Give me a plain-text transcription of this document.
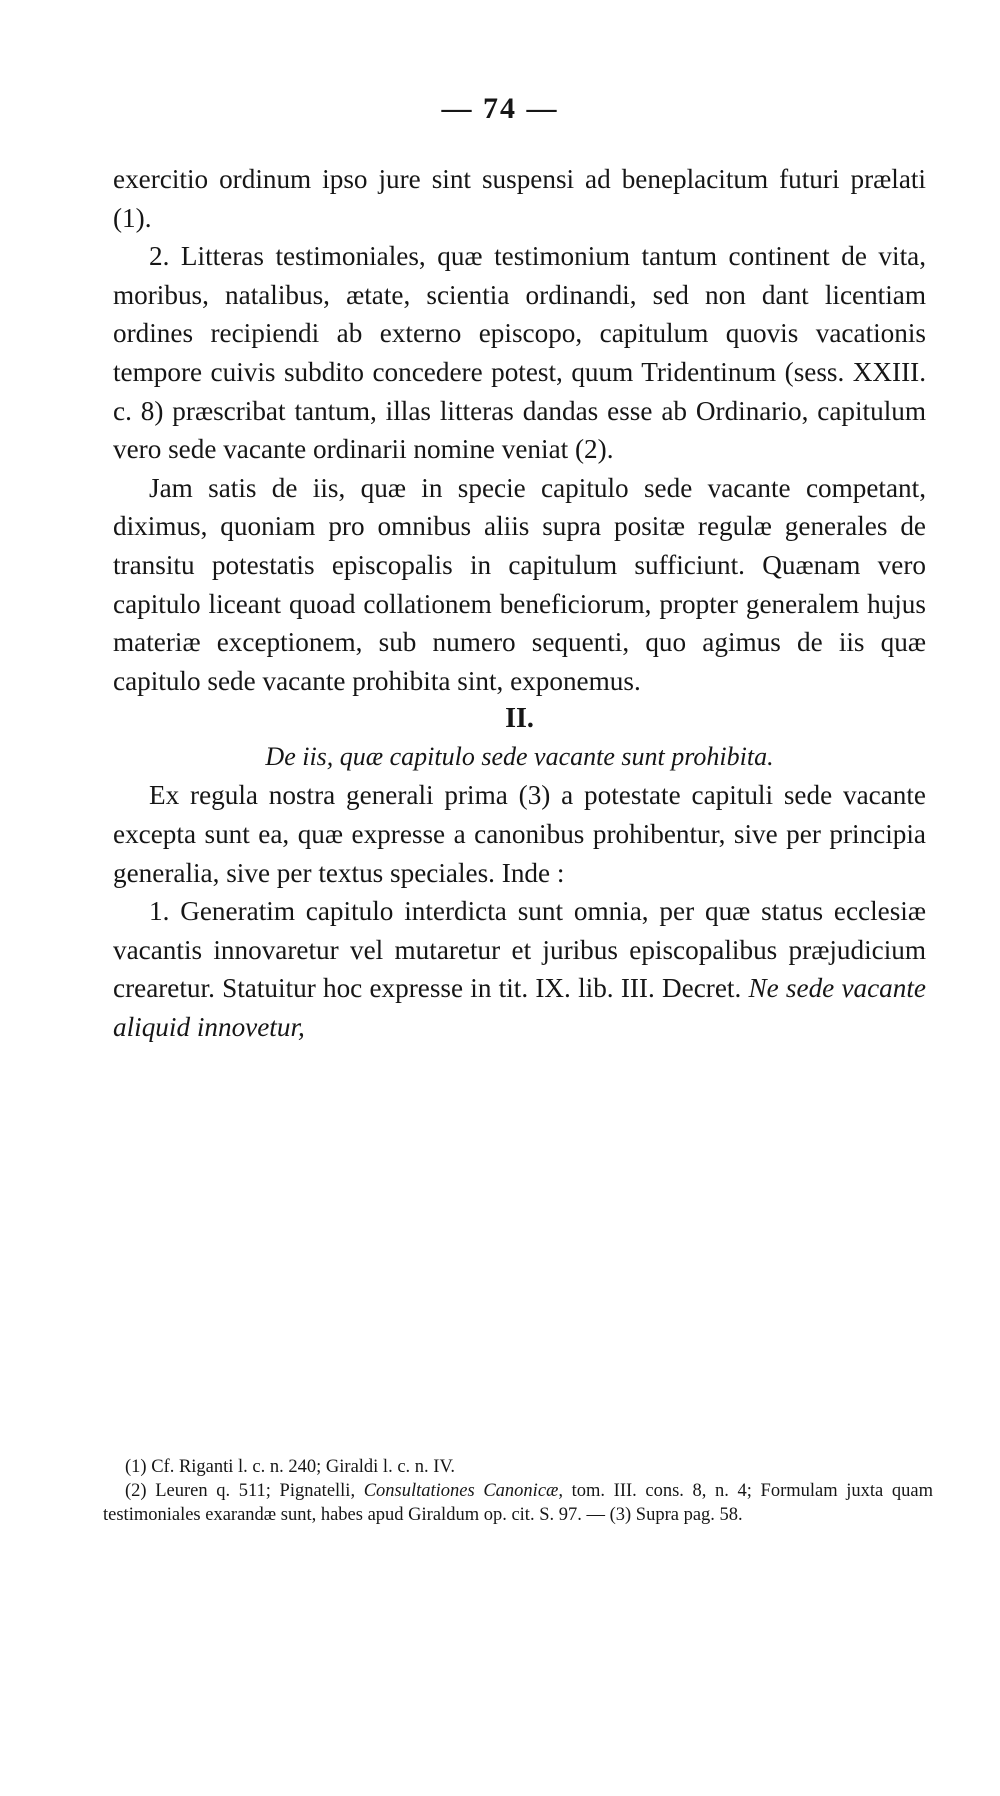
— 74 —

exercitio ordinum ipso jure sint suspensi ad beneplacitum futuri prælati (1).

2. Litteras testimoniales, quæ testimonium tantum continent de vita, moribus, natalibus, ætate, scientia ordinandi, sed non dant licentiam ordines recipiendi ab externo episcopo, capitulum quovis vacationis tempore cuivis subdito concedere potest, quum Tridentinum (sess. XXIII. c. 8) præscribat tantum, illas litteras dandas esse ab Ordinario, capitulum vero sede vacante ordinarii nomine veniat (2).

Jam satis de iis, quæ in specie capitulo sede vacante competant, diximus, quoniam pro omnibus aliis supra positæ regulæ generales de transitu potestatis episcopalis in capitulum sufficiunt. Quænam vero capitulo liceant quoad collationem beneficiorum, propter generalem hujus materiæ exceptionem, sub numero sequenti, quo agimus de iis quæ capitulo sede vacante prohibita sint, exponemus.

II.

De iis, quæ capitulo sede vacante sunt prohibita.

Ex regula nostra generali prima (3) a potestate capituli sede vacante excepta sunt ea, quæ expresse a canonibus prohibentur, sive per principia generalia, sive per textus speciales. Inde :

1. Generatim capitulo interdicta sunt omnia, per quæ status ecclesiæ vacantis innovaretur vel mutaretur et juribus episcopalibus præjudicium crearetur. Statuitur hoc expresse in tit. IX. lib. III. Decret. Ne sede vacante aliquid innovetur,

(1) Cf. Riganti l. c. n. 240; Giraldi l. c. n. IV.

(2) Leuren q. 511; Pignatelli, Consultationes Canonicæ, tom. III. cons. 8, n. 4; Formulam juxta quam testimoniales exarandæ sunt, habes apud Giraldum op. cit. S. 97. — (3) Supra pag. 58.
